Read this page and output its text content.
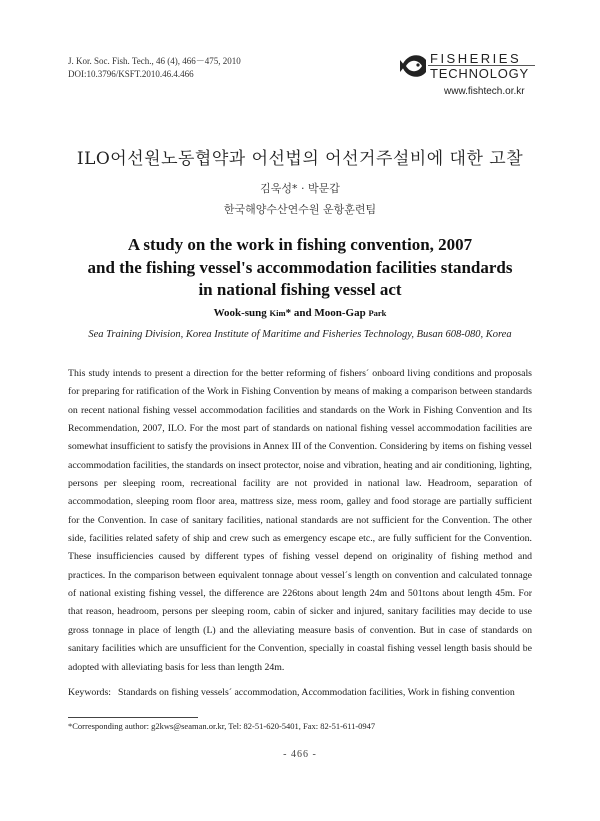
J. Kor. Soc. Fish. Tech., 46 (4), 466－475, 2010
DOI:10.3796/KSFT.2010.46.4.466
FISHERIES
TECHNOLOGY
www.fishtech.or.kr
ILO어선원노동협약과 어선법의 어선거주설비에 대한 고찰
김욱성* · 박문갑
한국해양수산연수원 운항훈련팀
A study on the work in fishing convention, 2007
and the fishing vessel's accommodation facilities standards
in national fishing vessel act
Wook-sung Kim* and Moon-Gap Park
Sea Training Division, Korea Institute of Maritime and Fisheries Technology, Busan 608-080, Korea
This study intends to present a direction for the better reforming of fishers´ onboard living conditions and proposals for preparing for ratification of the Work in Fishing Convention by means of making a comparison between standards on recent national fishing vessel accommodation facilities and standards on the Work in Fishing Convention and Its Recommendation, 2007, ILO. For the most part of standards on national fishing vessel accommodation facilities are somewhat insufficient to satisfy the provisions in Annex III of the Convention. Considering by items on fishing vessel accommodation facilities, the standards on insect protector, noise and vibration, heating and air conditioning, lighting, persons per sleeping room, recreational facility are not provided in national law. Headroom, separation of accommodation, sleeping room floor area, mattress size, mess room, galley and food storage are partially sufficient for the Convention. In case of sanitary facilities, national standards are not sufficient for the Convention. The other side, facilities related safety of ship and crew such as emergency escape etc., are fully sufficient for the Convention. These insufficiencies caused by different types of fishing vessel depend on originality of fishing method and practices. In the comparison between equivalent tonnage about vessel´s length on convention and calculated tonnage of national existing fishing vessel, the difference are 226tons about length 24m and 501tons about length 45m. For that reason, headroom, persons per sleeping room, cabin of sicker and injured, sanitary facilities may decide to use gross tonnage in place of length (L) and the alleviating measure basis of convention. But in case of standards on sanitary facilities which are unsufficient for the Convention, specially in coastal fishing vessel length basis should be adopted with alleviating basis for less than length 24m.
Keywords: Standards on fishing vessels´ accommodation, Accommodation facilities, Work in fishing convention
*Corresponding author: g2kws@seaman.or.kr, Tel: 82-51-620-5401, Fax: 82-51-611-0947
- 466 -
